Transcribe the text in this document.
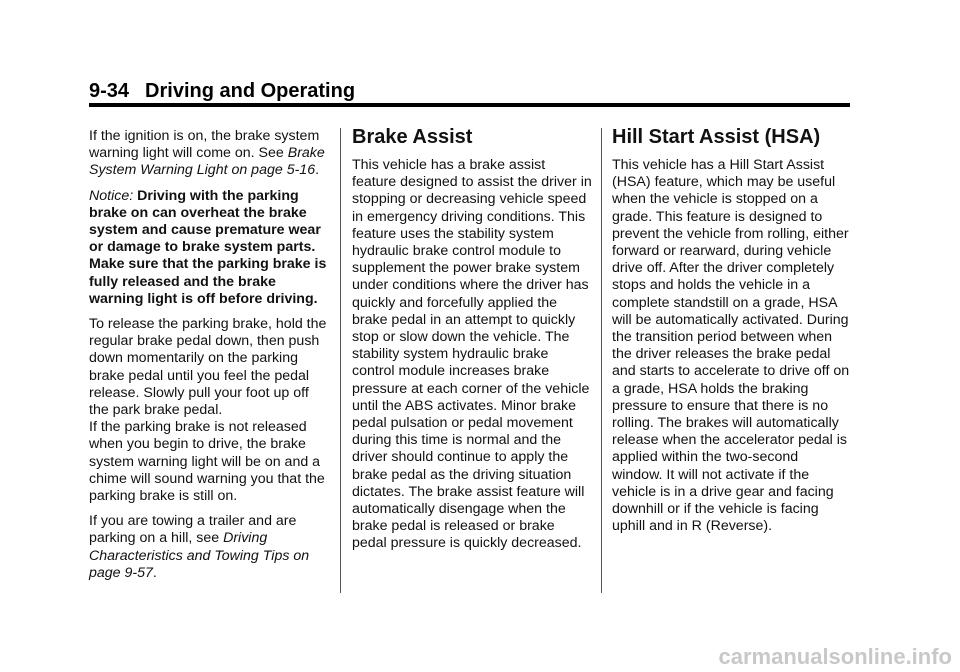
9-34 Driving and Operating

If the ignition is on, the brake system warning light will come on. See Brake System Warning Light on page 5-16.

Notice: Driving with the parking brake on can overheat the brake system and cause premature wear or damage to brake system parts. Make sure that the parking brake is fully released and the brake warning light is off before driving.

To release the parking brake, hold the regular brake pedal down, then push down momentarily on the parking brake pedal until you feel the pedal release. Slowly pull your foot up off the park brake pedal.

If the parking brake is not released when you begin to drive, the brake system warning light will be on and a chime will sound warning you that the parking brake is still on.

If you are towing a trailer and are parking on a hill, see Driving Characteristics and Towing Tips on page 9-57.

Brake Assist

This vehicle has a brake assist feature designed to assist the driver in stopping or decreasing vehicle speed in emergency driving conditions. This feature uses the stability system hydraulic brake control module to supplement the power brake system under conditions where the driver has quickly and forcefully applied the brake pedal in an attempt to quickly stop or slow down the vehicle. The stability system hydraulic brake control module increases brake pressure at each corner of the vehicle until the ABS activates. Minor brake pedal pulsation or pedal movement during this time is normal and the driver should continue to apply the brake pedal as the driving situation dictates. The brake assist feature will automatically disengage when the brake pedal is released or brake pedal pressure is quickly decreased.

Hill Start Assist (HSA)

This vehicle has a Hill Start Assist (HSA) feature, which may be useful when the vehicle is stopped on a grade. This feature is designed to prevent the vehicle from rolling, either forward or rearward, during vehicle drive off. After the driver completely stops and holds the vehicle in a complete standstill on a grade, HSA will be automatically activated. During the transition period between when the driver releases the brake pedal and starts to accelerate to drive off on a grade, HSA holds the braking pressure to ensure that there is no rolling. The brakes will automatically release when the accelerator pedal is applied within the two-second window. It will not activate if the vehicle is in a drive gear and facing downhill or if the vehicle is facing uphill and in R (Reverse).

carmanualsonline.info
